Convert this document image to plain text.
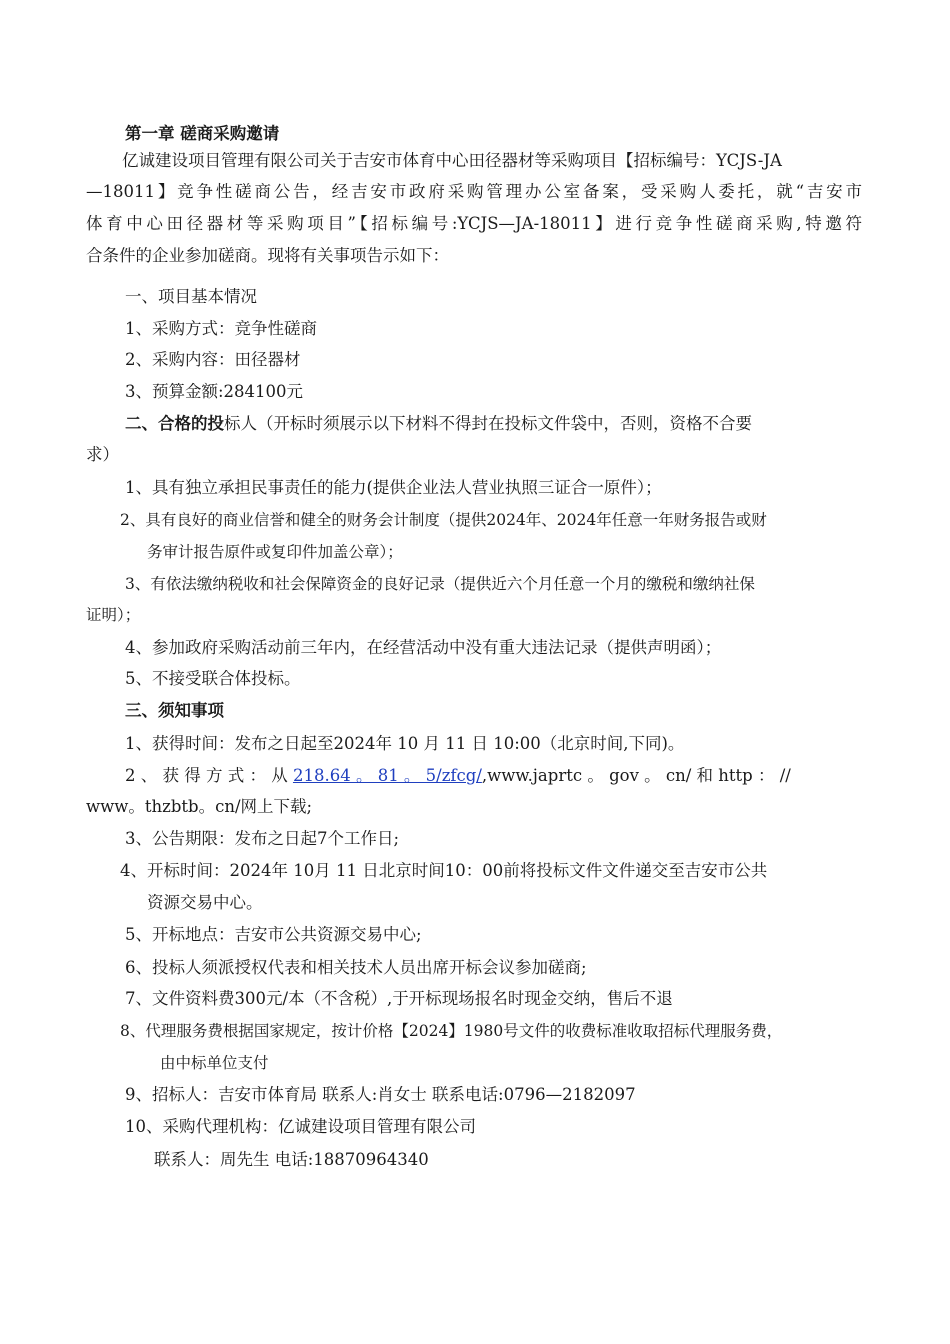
第一章 磋商采购邀请
亿诚建设项目管理有限公司关于吉安市体育中心田径器材等采购项目【招标编号：YCJS-JA
—18011】竞争性磋商公告，经吉安市政府采购管理办公室备案，受采购人委托，就“吉安市
体育中心田径器材等采购项目”【招标编号:YCJS—JA-18011】进行竞争性磋商采购,特邀符
合条件的企业参加磋商。现将有关事项告示如下：
一、项目基本情况
1、采购方式：竞争性磋商
2、采购内容：田径器材
3、预算金额:284100元
二、合格的投标人（开标时须展示以下材料不得封在投标文件袋中，否则，资格不合要
求）
1、具有独立承担民事责任的能力(提供企业法人营业执照三证合一原件）；
2、具有良好的商业信誉和健全的财务会计制度（提供2024年、2024年任意一年财务报告或财
务审计报告原件或复印件加盖公章）；
3、有依法缴纳税收和社会保障资金的良好记录（提供近六个月任意一个月的缴税和缴纳社保
证明）；
4、参加政府采购活动前三年内，在经营活动中没有重大违法记录（提供声明函）；
5、不接受联合体投标。
三、须知事项
1、获得时间：发布之日起至2024年 10 月 11 日 10:00（北京时间,下同)。
2 、 获 得 方 式 ： 从 218.64 。 81 。 5/zfcg/,www.japrtc 。 gov 。 cn/ 和 http ： //
www。thzbtb。cn/网上下载;
3、公告期限：发布之日起7个工作日;
4、开标时间：2024年 10月 11 日北京时间10：00前将投标文件文件递交至吉安市公共
资源交易中心。
5、开标地点：吉安市公共资源交易中心;
6、投标人须派授权代表和相关技术人员出席开标会议参加磋商;
7、文件资料费300元/本（不含税）,于开标现场报名时现金交纳，售后不退
8、代理服务费根据国家规定，按计价格【2024】1980号文件的收费标准收取招标代理服务费，
由中标单位支付
9、招标人：吉安市体育局 联系人:肖女士 联系电话:0796—2182097
10、采购代理机构：亿诚建设项目管理有限公司
联系人：周先生 电话:18870964340
